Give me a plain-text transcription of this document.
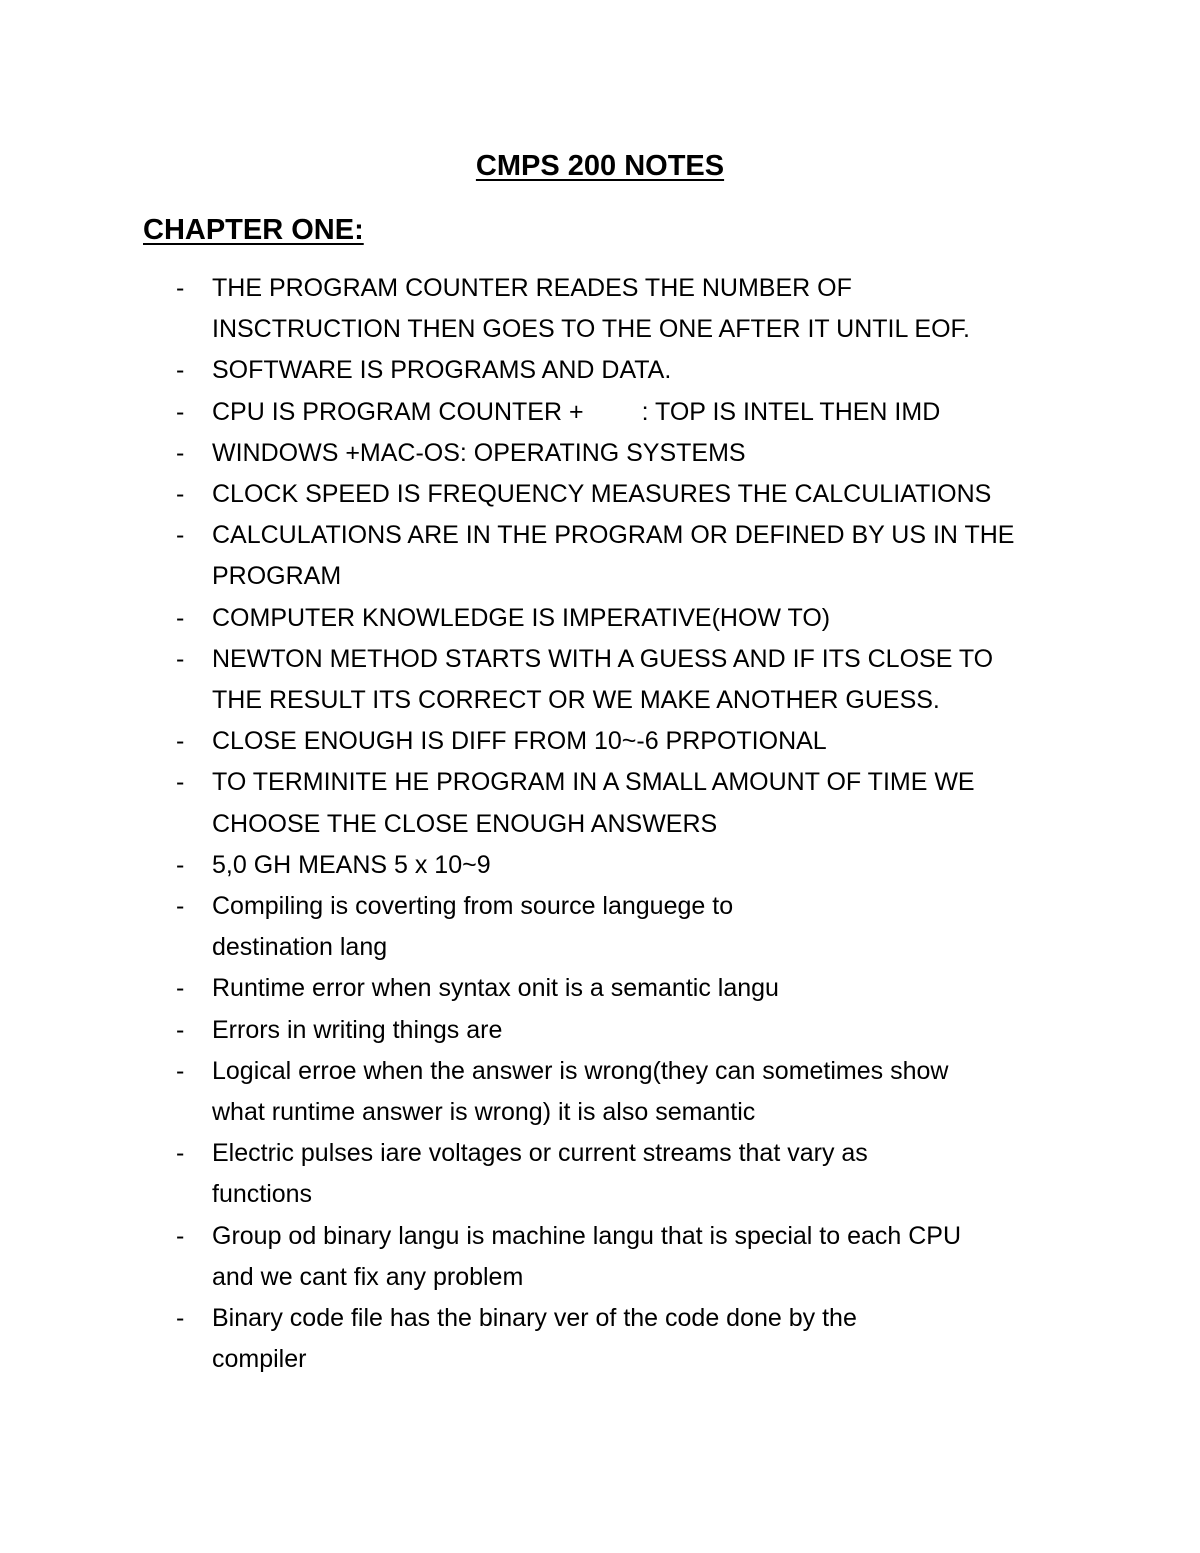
CMPS 200 NOTES
CHAPTER ONE:
- THE PROGRAM COUNTER READES THE NUMBER OF
INSCTRUCTION THEN GOES TO THE ONE AFTER IT UNTIL EOF.
- SOFTWARE IS PROGRAMS AND DATA.
- CPU IS PROGRAM COUNTER + : TOP IS INTEL THEN IMD
- WINDOWS +MAC-OS: OPERATING SYSTEMS
- CLOCK SPEED IS FREQUENCY MEASURES THE CALCULIATIONS
- CALCULATIONS ARE IN THE PROGRAM OR DEFINED BY US IN THE
PROGRAM
- COMPUTER KNOWLEDGE IS IMPERATIVE(HOW TO)
- NEWTON METHOD STARTS WITH A GUESS AND IF ITS CLOSE TO
THE RESULT ITS CORRECT OR WE MAKE ANOTHER GUESS.
- CLOSE ENOUGH IS DIFF FROM 10~-6 PRPOTIONAL
- TO TERMINITE HE PROGRAM IN A SMALL AMOUNT OF TIME WE
CHOOSE THE CLOSE ENOUGH ANSWERS
- 5,0 GH MEANS 5 x 10~9
- Compiling is coverting from source languege to
destination lang
- Runtime error when syntax onit is a semantic langu
- Errors in writing things are
- Logical erroe when the answer is wrong(they can sometimes show
what runtime answer is wrong) it is also semantic
- Electric pulses iare voltages or current streams that vary as
functions
- Group od binary langu is machine langu that is special to each CPU
and we cant fix any problem
- Binary code file has the binary ver of the code done by the
compiler
